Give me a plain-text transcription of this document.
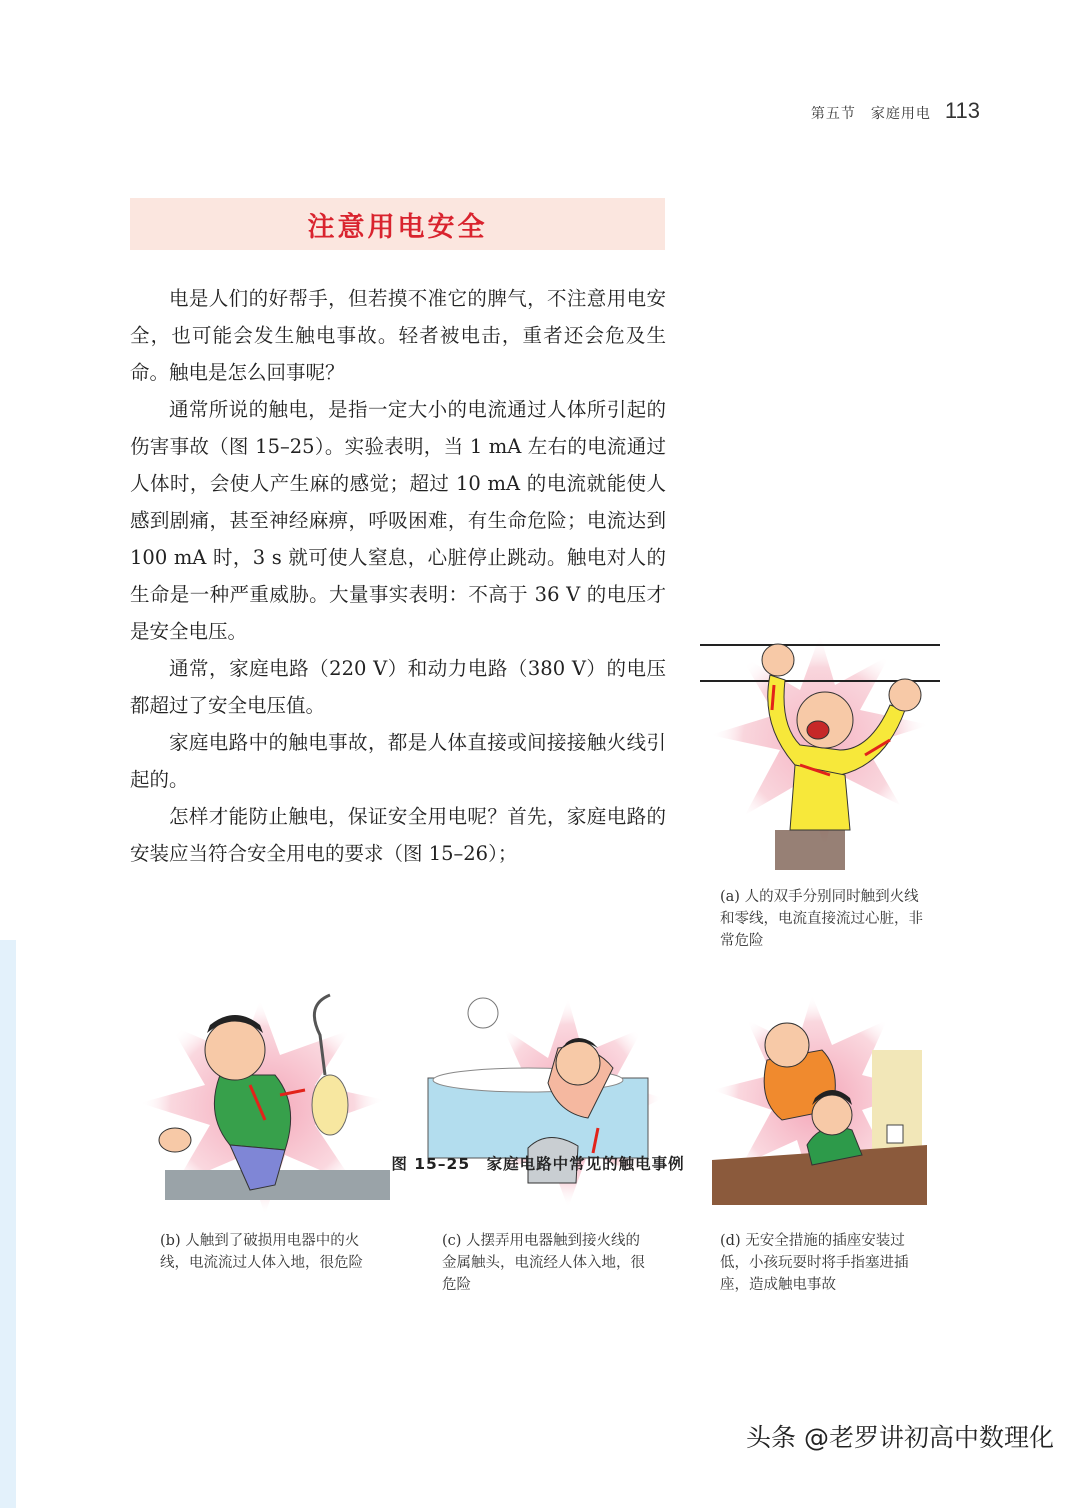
第五节　家庭用电 113
注意用电安全

电是人们的好帮手，但若摸不准它的脾气，不注意用电安全，也可能会发生触电事故。轻者被电击，重者还会危及生命。触电是怎么回事呢？

通常所说的触电，是指一定大小的电流通过人体所引起的伤害事故（图 15–25）。实验表明，当 1 mA 左右的电流通过人体时，会使人产生麻的感觉；超过 10 mA 的电流就能使人感到剧痛，甚至神经麻痹，呼吸困难，有生命危险；电流达到 100 mA 时，3 s 就可使人窒息，心脏停止跳动。触电对人的生命是一种严重威胁。大量事实表明：不高于 36 V 的电压才是安全电压。

通常，家庭电路（220 V）和动力电路（380 V）的电压都超过了安全电压值。

家庭电路中的触电事故，都是人体直接或间接接触火线引起的。

怎样才能防止触电，保证安全用电呢？首先，家庭电路的安装应当符合安全用电的要求（图 15–26）；

(a) 人的双手分别同时触到火线和零线，电流直接流过心脏，非常危险
(b) 人触到了破损用电器中的火线，电流流过人体入地，很危险
(c) 人摆弄用电器触到接火线的金属触头，电流经人体入地，很危险
(d) 无安全措施的插座安装过低，小孩玩耍时将手指塞进插座，造成触电事故
图 15–25　家庭电路中常见的触电事例
头条 @老罗讲初高中数理化
